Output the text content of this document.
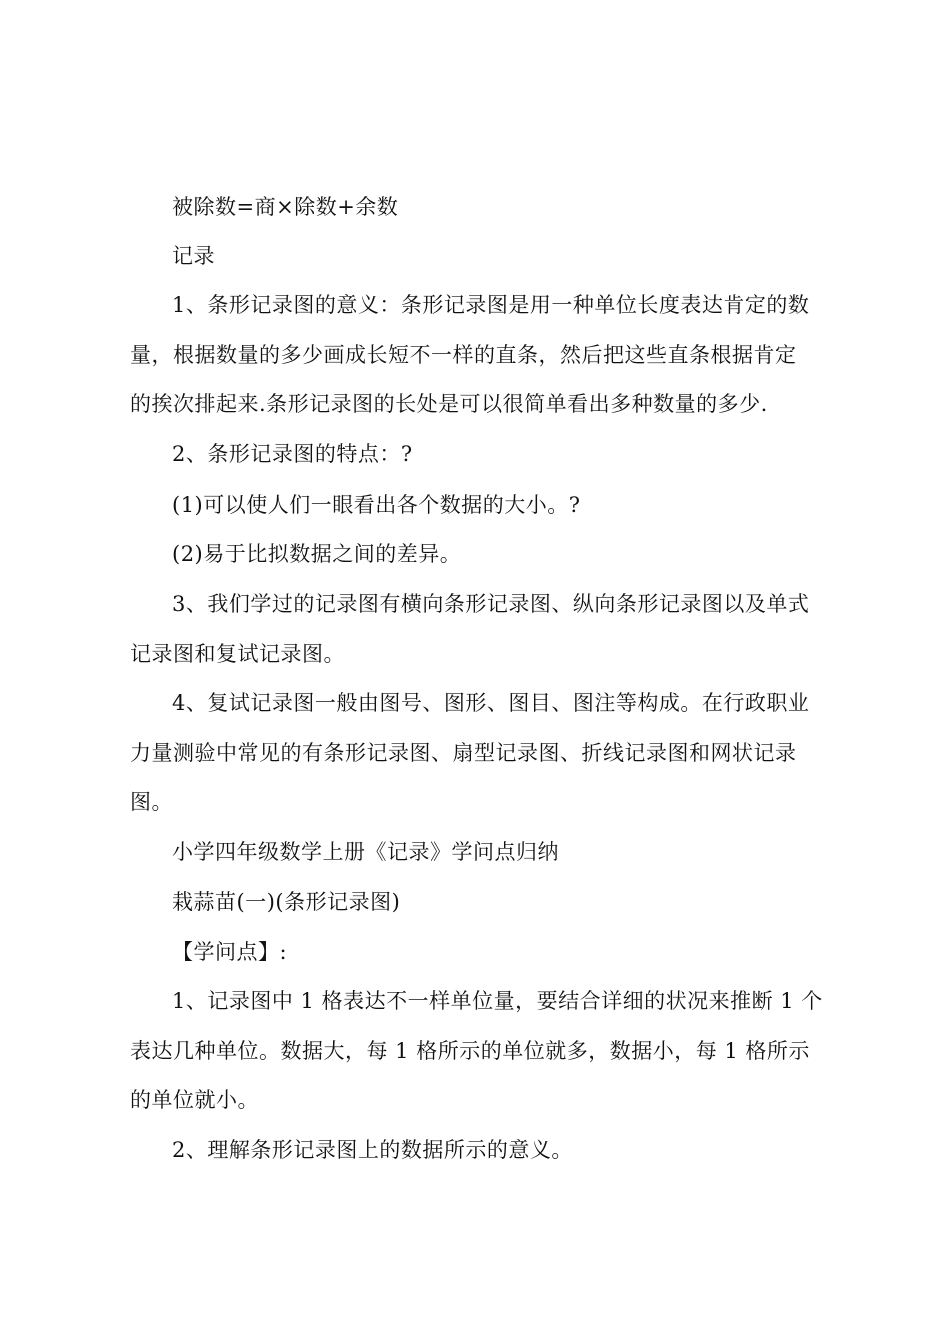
被除数=商×除数+余数
记录
1、条形记录图的意义：条形记录图是用一种单位长度表达肯定的数
量，根据数量的多少画成长短不一样的直条，然后把这些直条根据肯定
的挨次排起来.条形记录图的长处是可以很简单看出多种数量的多少.
2、条形记录图的特点：?
(1)可以使人们一眼看出各个数据的大小。?
(2)易于比拟数据之间的差异。
3、我们学过的记录图有横向条形记录图、纵向条形记录图以及单式
记录图和复试记录图。
4、复试记录图一般由图号、图形、图目、图注等构成。在行政职业
力量测验中常见的有条形记录图、扇型记录图、折线记录图和网状记录
图。
小学四年级数学上册《记录》学问点归纳
栽蒜苗(一)(条形记录图)
【学问点】:
1、记录图中 1 格表达不一样单位量，要结合详细的状况来推断 1 个
表达几种单位。数据大，每 1 格所示的单位就多，数据小，每 1 格所示
的单位就小。
2、理解条形记录图上的数据所示的意义。
